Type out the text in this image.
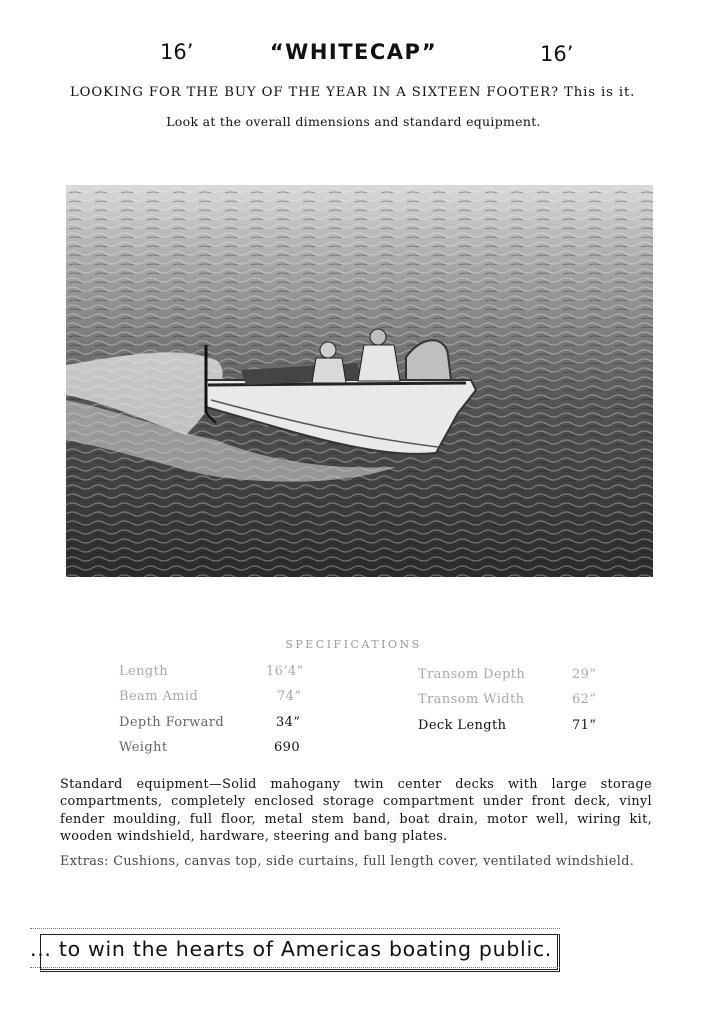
16’	“WHITECAP”	16’
LOOKING FOR THE BUY OF THE YEAR IN A SIXTEEN FOOTER? This is it.
Look at the overall dimensions and standard equipment.
SPECIFICATIONS
Length	16’4”
Beam Amid	74”
Depth Forward	34”
Weight	690
Transom Depth	29”
Transom Width	62”
Deck Length	71”
Standard equipment—Solid mahogany twin center decks with large storage compartments, completely enclosed storage compartment under front deck, vinyl fender moulding, full floor, metal stem band, boat drain, motor well, wiring kit, wooden windshield, hardware, steering and bang plates.
Extras: Cushions, canvas top, side curtains, full length cover, ventilated windshield.
... to win the hearts of Americas boating public.
